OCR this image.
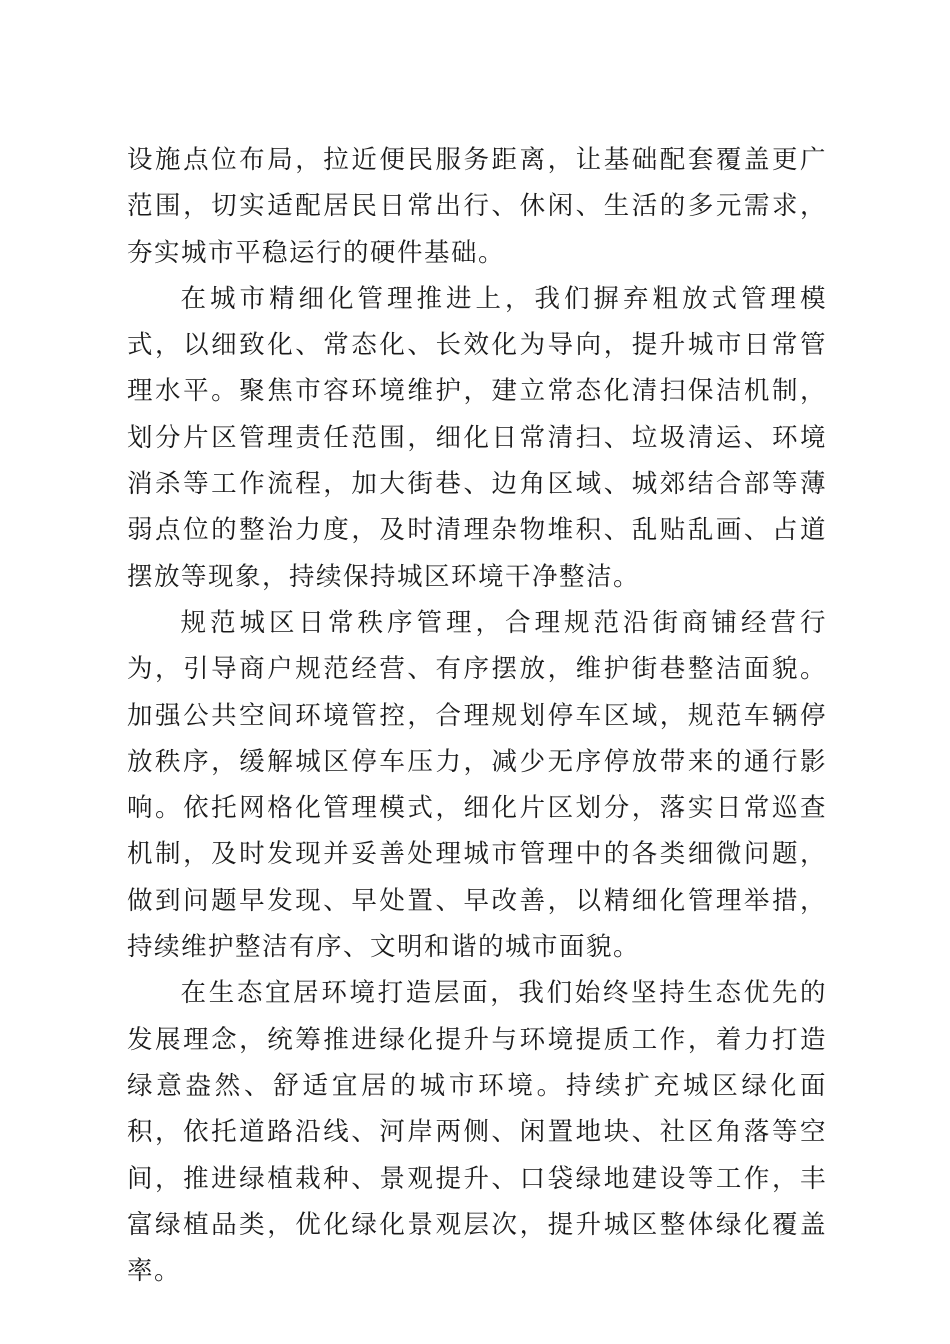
设施点位布局，拉近便民服务距离，让基础配套覆盖更广范围，切实适配居民日常出行、休闲、生活的多元需求，夯实城市平稳运行的硬件基础。

在城市精细化管理推进上，我们摒弃粗放式管理模式，以细致化、常态化、长效化为导向，提升城市日常管理水平。聚焦市容环境维护，建立常态化清扫保洁机制，划分片区管理责任范围，细化日常清扫、垃圾清运、环境消杀等工作流程，加大街巷、边角区域、城郊结合部等薄弱点位的整治力度，及时清理杂物堆积、乱贴乱画、占道摆放等现象，持续保持城区环境干净整洁。

规范城区日常秩序管理，合理规范沿街商铺经营行为，引导商户规范经营、有序摆放，维护街巷整洁面貌。加强公共空间环境管控，合理规划停车区域，规范车辆停放秩序，缓解城区停车压力，减少无序停放带来的通行影响。依托网格化管理模式，细化片区划分，落实日常巡查机制，及时发现并妥善处理城市管理中的各类细微问题，做到问题早发现、早处置、早改善，以精细化管理举措，持续维护整洁有序、文明和谐的城市面貌。

在生态宜居环境打造层面，我们始终坚持生态优先的发展理念，统筹推进绿化提升与环境提质工作，着力打造绿意盎然、舒适宜居的城市环境。持续扩充城区绿化面积，依托道路沿线、河岸两侧、闲置地块、社区角落等空间，推进绿植栽种、景观提升、口袋绿地建设等工作，丰富绿植品类，优化绿化景观层次，提升城区整体绿化覆盖率。
